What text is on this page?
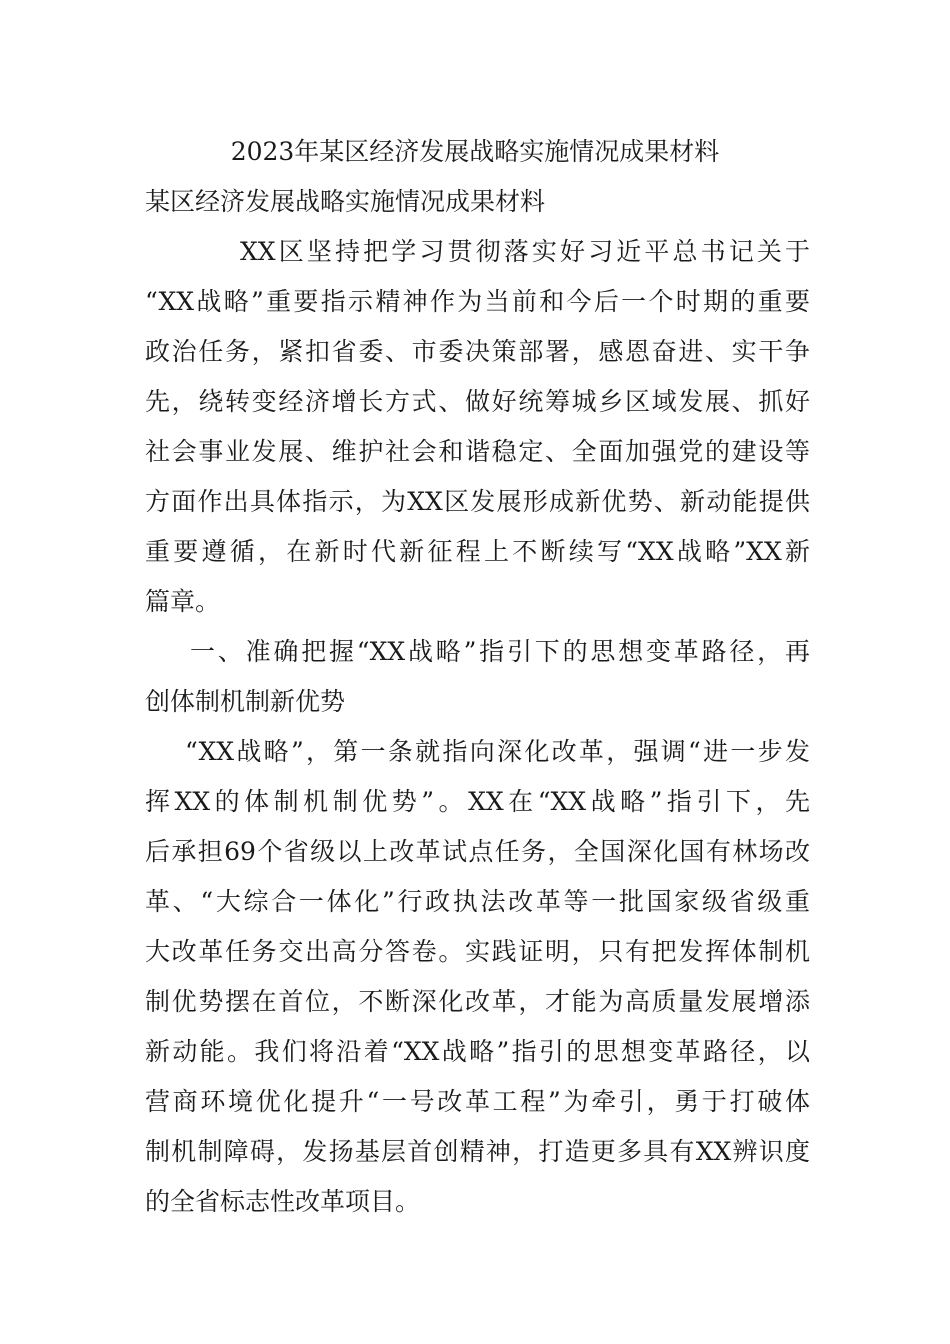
2023年某区经济发展战略实施情况成果材料
某区经济发展战略实施情况成果材料
XX区坚持把学习贯彻落实好习近平总书记关于
“XX战略”重要指示精神作为当前和今后一个时期的重要
政治任务，紧扣省委、市委决策部署，感恩奋进、实干争
先，绕转变经济增长方式、做好统筹城乡区域发展、抓好
社会事业发展、维护社会和谐稳定、全面加强党的建设等
方面作出具体指示，为XX区发展形成新优势、新动能提供
重要遵循，在新时代新征程上不断续写“XX战略”XX新
篇章。
一、准确把握“XX战略”指引下的思想变革路径，再
创体制机制新优势
“XX战略”，第一条就指向深化改革，强调“进一步发
挥XX的体制机制优势”。XX在“XX战略”指引下，先
后承担69个省级以上改革试点任务，全国深化国有林场改
革、“大综合一体化”行政执法改革等一批国家级省级重
大改革任务交出高分答卷。实践证明，只有把发挥体制机
制优势摆在首位，不断深化改革，才能为高质量发展增添
新动能。我们将沿着“XX战略”指引的思想变革路径，以
营商环境优化提升“一号改革工程”为牵引，勇于打破体
制机制障碍，发扬基层首创精神，打造更多具有XX辨识度
的全省标志性改革项目。
